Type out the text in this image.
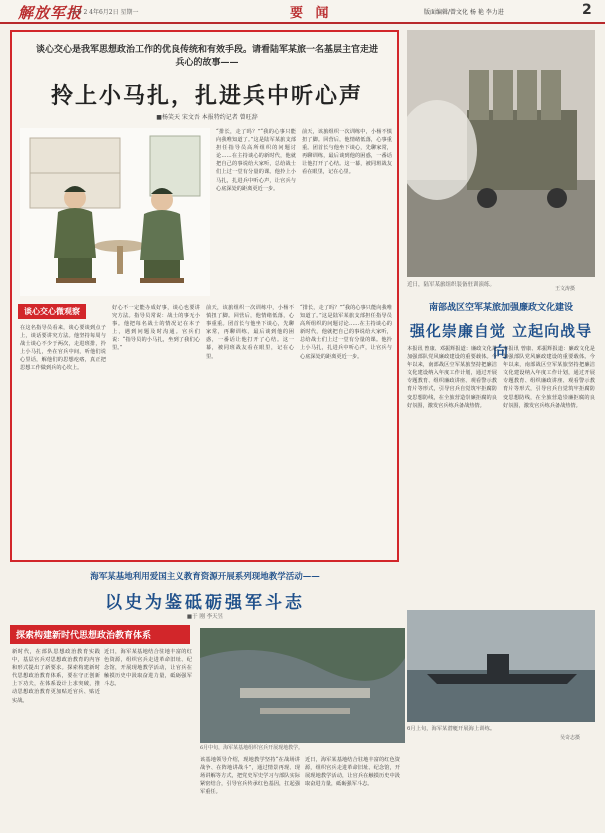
解放军报
2 0 2 4年6月2日 星期一	要 闻	版面编辑/曾文化 杨 艳 李力进	2
谈心交心是我军思想政治工作的优良传统和有效手段。请看陆军某旅一名基层主官走进兵心的故事——
拎上小马扎，扎进兵中听心声
■杨笑天 宋文吾 本报特约记者 曾旺辞
“排长，走了吗？”“我的心事只能向我唯知道了。”这是陆军某旅支部担任指导员高所组织的问题讨论……在主持谈心的新时代，他就把自己的事说给大家听，总给战士们上过一堂有分量的课。他拎上小马扎，扎进兵中听心声，让官兵与心底深处的距离更近一步。
前天，该旅组织一次训练中，小杨不慎扭了脚。回营后，他情绪低落，心事重重。团首长与他坐下谈心，先聊家常，再聊训练，最后谈到他的困惑，一番话让他打开了心结。这一幕，被同班战友看在眼里，记在心里。
谈心交心微观察
在这名指导员看来，谈心要谈到点子上，谈话要讲究方法。他坚持每周与战士谈心不少于两次，走进班排，拎上小马扎，坐在官兵中间，听他们说心里话，解他们的思想疙瘩，真正把思想工作做到兵的心坎上。
好心不一定能办成好事，谈心也要讲究方法。指导员常说：战士的事无小事。他把每名战士的情况记在本子上，遇到问题及时沟通。官兵们说：“指导员的小马扎，坐到了我们心里。”
前天，该旅组织一次训练中，小杨不慎扭了脚。回营后，他情绪低落，心事重重。团首长与他坐下谈心，先聊家常，再聊训练，最后谈到他的困惑，一番话让他打开了心结。这一幕，被同班战友看在眼里，记在心里。
“排长，走了吗？”“我的心事只能向我唯知道了。”这是陆军某旅支部担任指导员高所组织的问题讨论……在主持谈心的新时代，他就把自己的事说给大家听，总给战士们上过一堂有分量的课。他拎上小马扎，扎进兵中听心声，让官兵与心底深处的距离更近一步。
近日，陆军某旅组织装备驻训演练。
王文涛摄
南部战区空军某旅加强廉政文化建设
强化崇廉自觉 立起向战导向
本报讯 曾康、邓振辉报道：廉政文化是加强部队党风廉政建设的重要载体。今年以来，南部战区空军某旅坚持把廉洁文化建设纳入年度工作计划，通过开展专题教育、组织廉政讲座、观看警示教育片等形式，引导官兵自觉筑牢拒腐防变思想防线，在全旅营造崇廉拒腐的良好氛围，激发官兵练兵备战热情。
本报讯 曾康、邓振辉报道：廉政文化是加强部队党风廉政建设的重要载体。今年以来，南部战区空军某旅坚持把廉洁文化建设纳入年度工作计划，通过开展专题教育、组织廉政讲座、观看警示教育片等形式，引导官兵自觉筑牢拒腐防变思想防线，在全旅营造崇廉拒腐的良好氛围，激发官兵练兵备战热情。
6月上旬，海军某潜艇开展海上训练。
吴奇志摄
海军某基地利用爱国主义教育资源开展系列现地教学活动——
以史为鉴砥砺强军斗志
■于 刚 李天昱
探索构建新时代思想政治教育体系
新时代，在部队思想政治教育实践中，基层官兵对思想政治教育的内容和形式提出了新要求。探索构建新时代思想政治教育体系，要在守正创新上下功夫，在体系设计上求突破，推动思想政治教育更加贴近官兵、贴近实战。
近日，海军某基地结合驻地丰富的红色资源，组织官兵走进革命旧址、纪念馆，开展现地教学活动，让官兵在触摸历史中汲取奋进力量，砥砺强军斗志。
6月中旬，海军某基地组织官兵开展现地教学。
该基地领导介绍，现地教学坚持“在战场讲战争、在阵地讲战斗”，通过情景再现、现场讲解等方式，把党史军史学习与部队实际紧密结合，引导官兵传承红色基因，扛起强军重任。
近日，海军某基地结合驻地丰富的红色资源，组织官兵走进革命旧址、纪念馆，开展现地教学活动，让官兵在触摸历史中汲取奋进力量，砥砺强军斗志。
